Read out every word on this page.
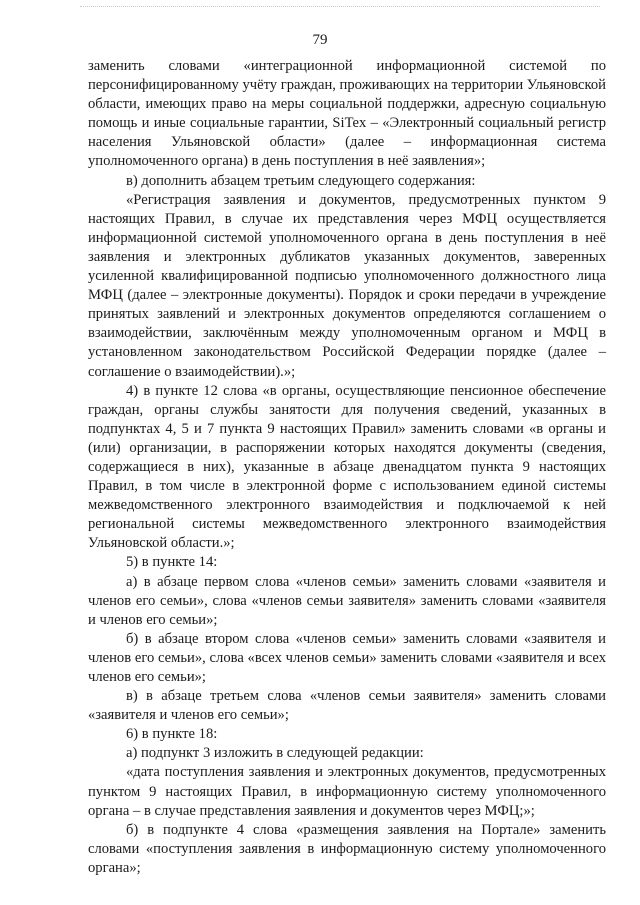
79

заменить словами «интеграционной информационной системой по персонифицированному учёту граждан, проживающих на территории Ульяновской области, имеющих право на меры социальной поддержки, адресную социальную помощь и иные социальные гарантии, SiTex – «Электронный социальный регистр населения Ульяновской области» (далее – информационная система уполномоченного органа) в день поступления в неё заявления»;

в) дополнить абзацем третьим следующего содержания:

«Регистрация заявления и документов, предусмотренных пунктом 9 настоящих Правил, в случае их представления через МФЦ осуществляется информационной системой уполномоченного органа в день поступления в неё заявления и электронных дубликатов указанных документов, заверенных усиленной квалифицированной подписью уполномоченного должностного лица МФЦ (далее – электронные документы). Порядок и сроки передачи в учреждение принятых заявлений и электронных документов определяются соглашением о взаимодействии, заключённым между уполномоченным органом и МФЦ в установленном законодательством Российской Федерации порядке (далее – соглашение о взаимодействии).»;

4) в пункте 12 слова «в органы, осуществляющие пенсионное обеспечение граждан, органы службы занятости для получения сведений, указанных в подпунктах 4, 5 и 7 пункта 9 настоящих Правил» заменить словами «в органы и (или) организации, в распоряжении которых находятся документы (сведения, содержащиеся в них), указанные в абзаце двенадцатом пункта 9 настоящих Правил, в том числе в электронной форме с использованием единой системы межведомственного электронного взаимодействия и подключаемой к ней региональной системы межведомственного электронного взаимодействия Ульяновской области.»;

5) в пункте 14:

а) в абзаце первом слова «членов семьи» заменить словами «заявителя и членов его семьи», слова «членов семьи заявителя» заменить словами «заявителя и членов его семьи»;

б) в абзаце втором слова «членов семьи» заменить словами «заявителя и членов его семьи», слова «всех членов семьи» заменить словами «заявителя и всех членов его семьи»;

в) в абзаце третьем слова «членов семьи заявителя» заменить словами «заявителя и членов его семьи»;

6) в пункте 18:

а) подпункт 3 изложить в следующей редакции:

«дата поступления заявления и электронных документов, предусмотренных пунктом 9 настоящих Правил, в информационную систему уполномоченного органа – в случае представления заявления и документов через МФЦ;»;

б) в подпункте 4 слова «размещения заявления на Портале» заменить словами «поступления заявления в информационную систему уполномоченного органа»;
